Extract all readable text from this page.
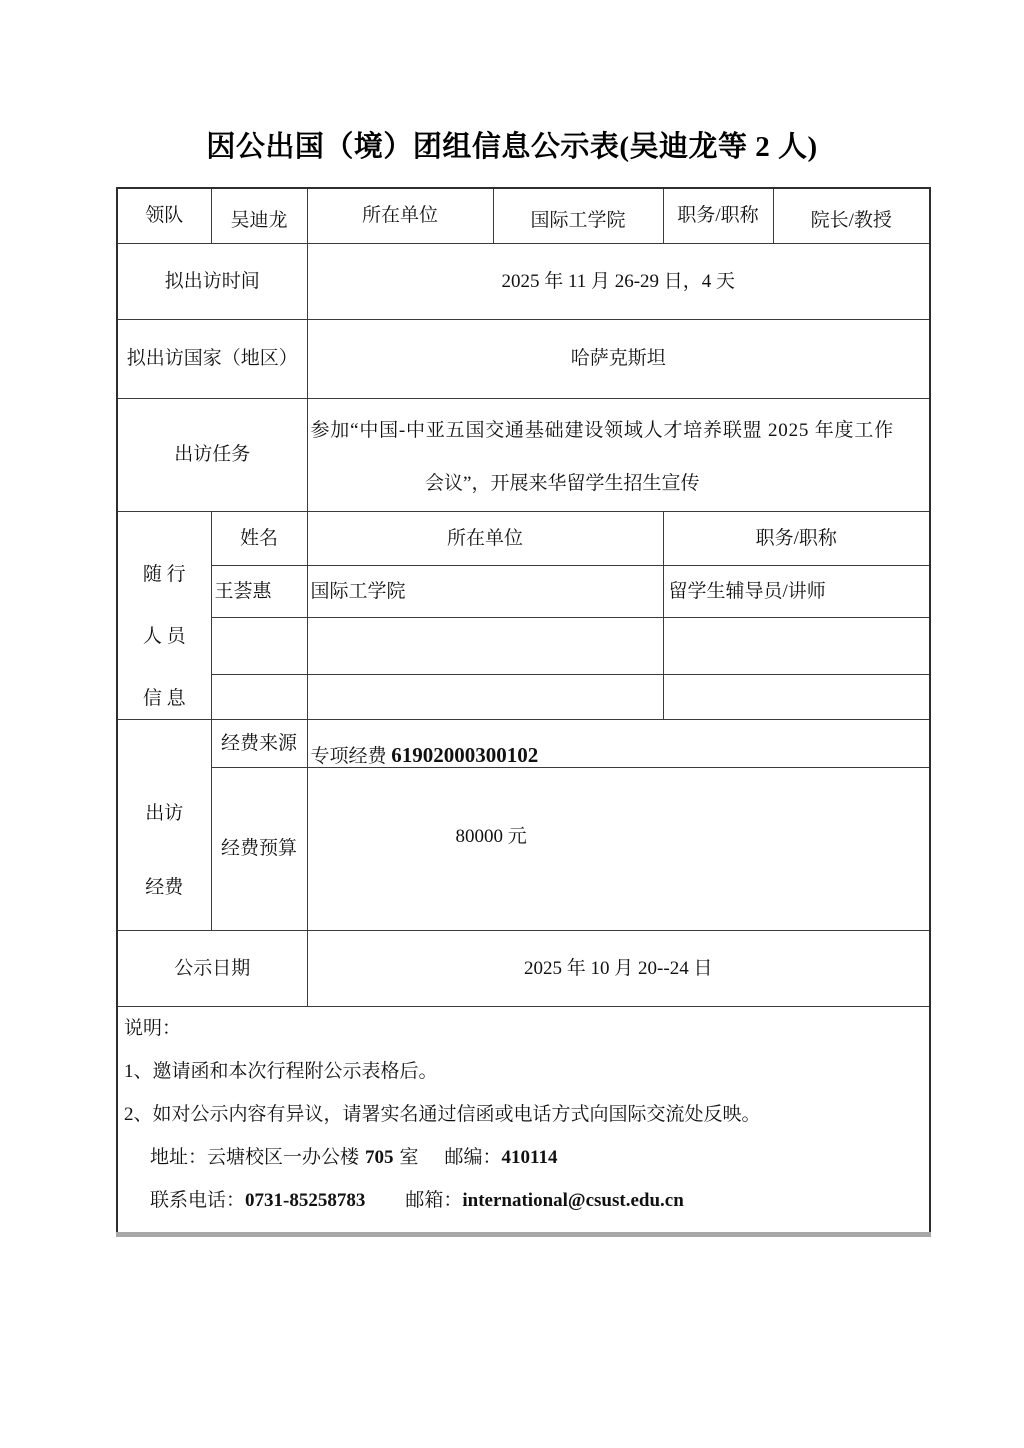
因公出国（境）团组信息公示表(吴迪龙等 2 人)
领队	吴迪龙	所在单位	国际工学院	职务/职称	院长/教授
拟出访时间		2025 年 11 月 26-29 日，4 天			
拟出访国家（地区）		哈萨克斯坦			
出访任务		参加“中国-中亚五国交通基础建设领域人才培养联盟 2025 年度工作
会议”，开展来华留学生招生宣传			

随 行
人 员
信 息	姓名	所在单位		职务/职称	
	王荟惠	国际工学院		留学生辅导员/讲师	

出访
经费	经费来源	专项经费 61902000300102			

	经费预算	80000 元			
公示日期		2025 年 10 月 20--24 日			

说明：
1、邀请函和本次行程附公示表格后。
2、如对公示内容有异议，请署实名通过信函或电话方式向国际交流处反映。
地址：云塘校区一办公楼 705 室 邮编：410114
联系电话：0731-85258783 邮箱：international@csust.edu.cn					
